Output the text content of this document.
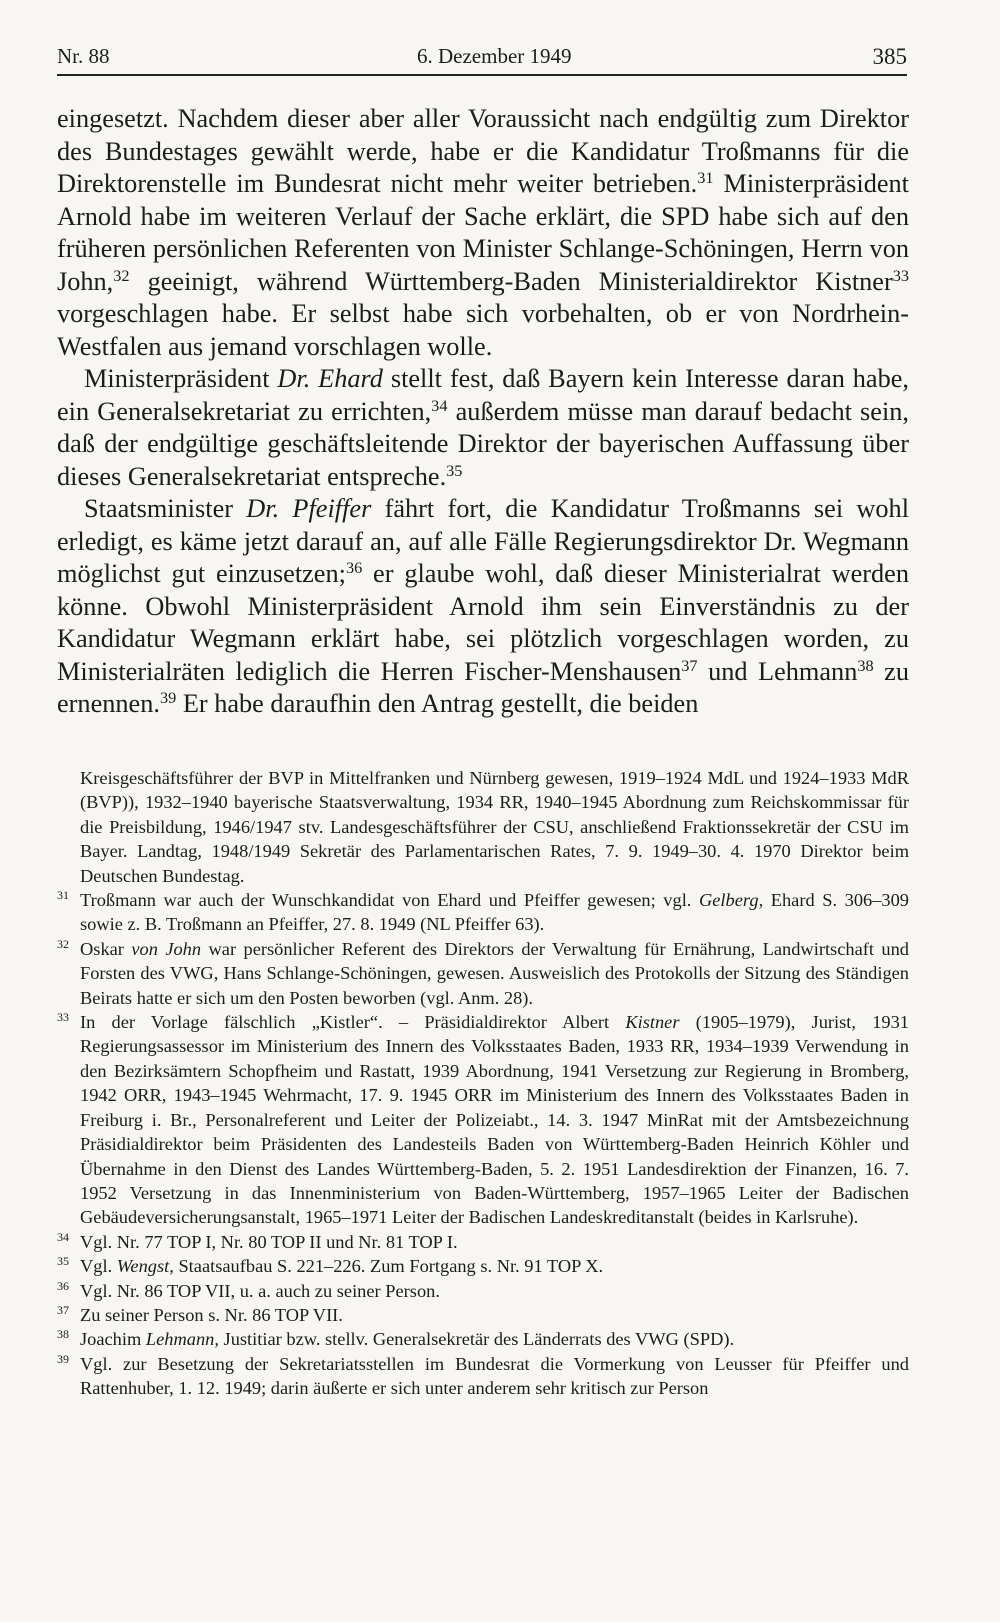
Nr. 88	6. Dezember 1949	385

eingesetzt. Nachdem dieser aber aller Voraussicht nach endgültig zum Direktor des Bundestages gewählt werde, habe er die Kandidatur Troßmanns für die Direktorenstelle im Bundesrat nicht mehr weiter betrieben.$^{31}$ Ministerpräsident Arnold habe im weiteren Verlauf der Sache erklärt, die SPD habe sich auf den früheren persönlichen Referenten von Minister Schlange-Schöningen, Herrn von John,$^{32}$ geeinigt, während Württemberg-Baden Ministerialdirektor Kistner$^{33}$ vorgeschlagen habe. Er selbst habe sich vorbehalten, ob er von Nordrhein-Westfalen aus jemand vorschlagen wolle.

Ministerpräsident Dr. Ehard stellt fest, daß Bayern kein Interesse daran habe, ein Generalsekretariat zu errichten,$^{34}$ außerdem müsse man darauf bedacht sein, daß der endgültige geschäftsleitende Direktor der bayerischen Auffassung über dieses Generalsekretariat entspreche.$^{35}$

Staatsminister Dr. Pfeiffer fährt fort, die Kandidatur Troßmanns sei wohl erledigt, es käme jetzt darauf an, auf alle Fälle Regierungsdirektor Dr. Wegmann möglichst gut einzusetzen;$^{36}$ er glaube wohl, daß dieser Ministerialrat werden könne. Obwohl Ministerpräsident Arnold ihm sein Einverständnis zu der Kandidatur Wegmann erklärt habe, sei plötzlich vorgeschlagen worden, zu Ministerialräten lediglich die Herren Fischer-Menshausen$^{37}$ und Lehmann$^{38}$ zu ernennen.$^{39}$ Er habe daraufhin den Antrag gestellt, die beiden

Kreisgeschäftsführer der BVP in Mittelfranken und Nürnberg gewesen, 1919–1924 MdL und 1924–1933 MdR (BVP)), 1932–1940 bayerische Staatsverwaltung, 1934 RR, 1940–1945 Abordnung zum Reichskommissar für die Preisbildung, 1946/1947 stv. Landesgeschäftsführer der CSU, anschließend Fraktionssekretär der CSU im Bayer. Landtag, 1948/1949 Sekretär des Parlamentarischen Rates, 7. 9. 1949–30. 4. 1970 Direktor beim Deutschen Bundestag.
31 Troßmann war auch der Wunschkandidat von Ehard und Pfeiffer gewesen; vgl. Gelberg, Ehard S. 306–309 sowie z. B. Troßmann an Pfeiffer, 27. 8. 1949 (NL Pfeiffer 63).
32 Oskar von John war persönlicher Referent des Direktors der Verwaltung für Ernährung, Landwirtschaft und Forsten des VWG, Hans Schlange-Schöningen, gewesen. Ausweislich des Protokolls der Sitzung des Ständigen Beirats hatte er sich um den Posten beworben (vgl. Anm. 28).
33 In der Vorlage fälschlich „Kistler“. – Präsidialdirektor Albert Kistner (1905–1979), Jurist, 1931 Regierungsassessor im Ministerium des Innern des Volksstaates Baden, 1933 RR, 1934–1939 Verwendung in den Bezirksämtern Schopfheim und Rastatt, 1939 Abordnung, 1941 Versetzung zur Regierung in Bromberg, 1942 ORR, 1943–1945 Wehrmacht, 17. 9. 1945 ORR im Ministerium des Innern des Volksstaates Baden in Freiburg i. Br., Personalreferent und Leiter der Polizeiabt., 14. 3. 1947 MinRat mit der Amtsbezeichnung Präsidialdirektor beim Präsidenten des Landesteils Baden von Württemberg-Baden Heinrich Köhler und Übernahme in den Dienst des Landes Württemberg-Baden, 5. 2. 1951 Landesdirektion der Finanzen, 16. 7. 1952 Versetzung in das Innenministerium von Baden-Württemberg, 1957–1965 Leiter der Badischen Gebäudeversicherungsanstalt, 1965–1971 Leiter der Badischen Landeskreditanstalt (beides in Karlsruhe).
34 Vgl. Nr. 77 TOP I, Nr. 80 TOP II und Nr. 81 TOP I.
35 Vgl. Wengst, Staatsaufbau S. 221–226. Zum Fortgang s. Nr. 91 TOP X.
36 Vgl. Nr. 86 TOP VII, u. a. auch zu seiner Person.
37 Zu seiner Person s. Nr. 86 TOP VII.
38 Joachim Lehmann, Justitiar bzw. stellv. Generalsekretär des Länderrats des VWG (SPD).
39 Vgl. zur Besetzung der Sekretariatsstellen im Bundesrat die Vormerkung von Leusser für Pfeiffer und Rattenhuber, 1. 12. 1949; darin äußerte er sich unter anderem sehr kritisch zur Person
